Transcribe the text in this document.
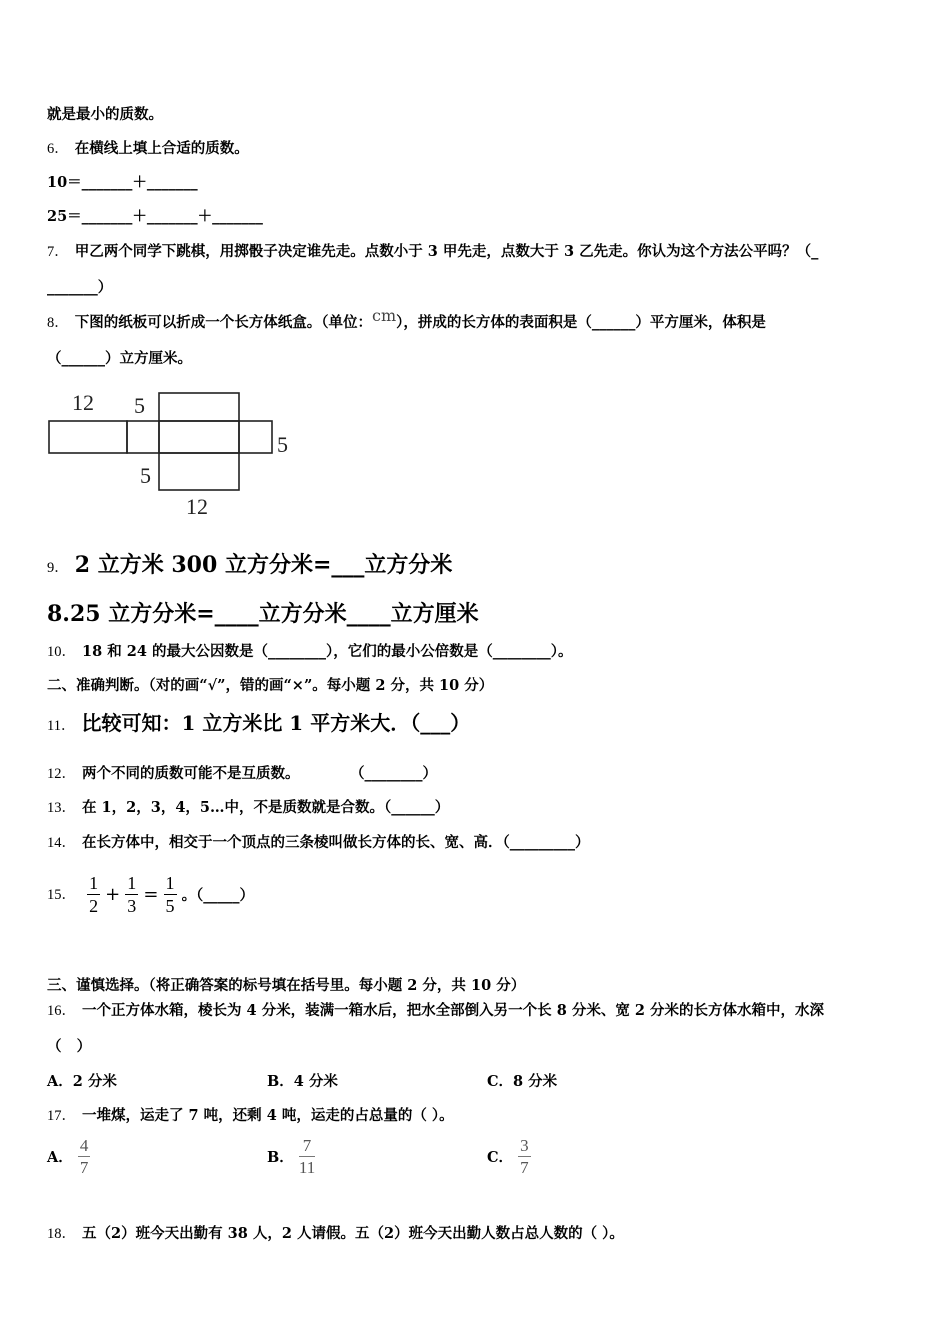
就是最小的质数。
6． 在横线上填上合适的质数。
10＝_______＋_______
25＝_______＋_______＋_______
7． 甲乙两个同学下跳棋，用掷骰子决定谁先走。点数小于 3 甲先走，点数大于 3 乙先走。你认为这个方法公平吗？（_
_______）
8． 下图的纸板可以折成一个长方体纸盒。（单位：cm），拼成的长方体的表面积是（______）平方厘米，体积是
（______）立方厘米。
12 5
5
5
12
9． 2 立方米 300 立方分米=___立方分米
8.25 立方分米=____立方分米____立方厘米
10． 18 和 24 的最大公因数是（________），它们的最小公倍数是（________）。
二、准确判断。（对的画“√”，错的画“×”。每小题 2 分，共 10 分）
11． 比较可知：1 立方米比 1 平方米大．（___）
12． 两个不同的质数可能不是互质数。          （________）
13． 在 1，2，3，4，5…中，不是质数就是合数。（______）
14． 在长方体中，相交于一个顶点的三条棱叫做长方体的长、宽、高．（_________）
15． $\frac{1}{2} + \frac{1}{3} = \frac{1}{5}$ 。（_____）
三、谨慎选择。（将正确答案的标号填在括号里。每小题 2 分，共 10 分）
16． 一个正方体水箱，棱长为 4 分米，装满一箱水后，把水全部倒入另一个长 8 分米、宽 2 分米的长方体水箱中，水深
（   ）
A．2 分米	B．4 分米	C．8 分米
17． 一堆煤，运走了 7 吨，还剩 4 吨，运走的占总量的（ ）。
A． $\frac{4}{7}$	B． $\frac{7}{11}$	C． $\frac{3}{7}$
18． 五（2）班今天出勤有 38 人，2 人请假。五（2）班今天出勤人数占总人数的（ ）。
